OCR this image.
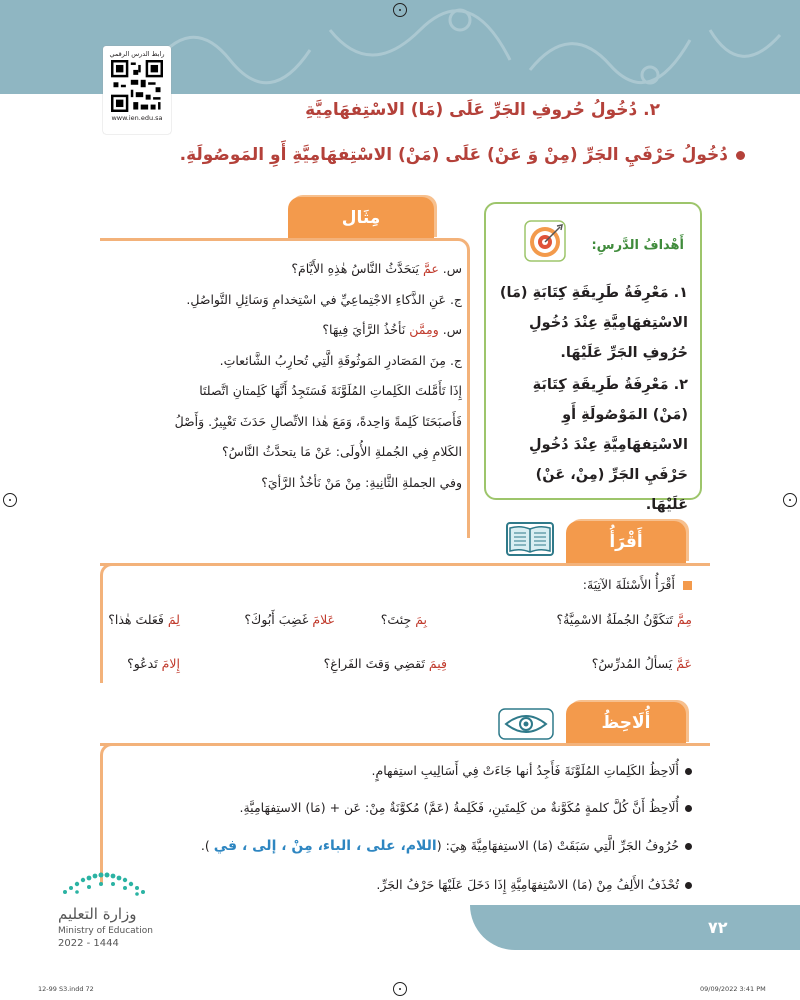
رابط الدرس الرقمي
www.ien.edu.sa	٢. دُخُولُ حُروفِ الجَرِّ عَلَى (مَا) الاسْتِفهَامِيَّةِ
دُخُولُ حَرْفَيِ الجَرِّ (مِنْ وَ عَنْ) عَلَى (مَنْ) الاسْتِفهَامِيَّةِ أَوِ المَوصُولَةِ.
أَهْدافُ الدَّرسِ:
١. مَعْرِفَةُ طَرِيقَةِ كِتَابَةِ (مَا) الاسْتِفهَامِيَّةِ عِنْدَ دُخُولِ حُرُوفِ الجَرِّ عَلَيْهَا.
٢. مَعْرِفَةُ طَرِيقَةِ كِتَابَةِ (مَنْ) المَوْصُولَةِ أَوِ الاسْتِفهَامِيَّةِ عِنْدَ دُخُولِ حَرْفَيِ الجَرِّ (مِنْ، عَنْ) عَلَيْهَا.
مِثَال
س. عمَّ يَتحَدَّثُ النَّاسُ هٰذِهِ الأَيَّامَ؟
ج. عَنِ الذَّكاءِ الاجْتِماعِيِّ في اسْتِخدامِ وَسَائِلِ التَّواصُلِ.
س. ومِمَّن نَأخُذُ الرَّأيَ فِيهَا؟
ج. مِنَ المَصَادرِ المَوثُوقَةِ الَّتِي تُحارِبُ الشَّائعاتِ.
إِذَا تَأَمَّلتَ الكَلِماتِ المُلَوَّنَةَ فَسَتَجِدُ أَنَّهَا كَلِمتانِ اتَّصلتَا
فَأَصبَحَتَا كَلِمةً وَاحِدةً، وَمَعَ هٰذا الاتِّصالِ حَدَثَ تَغْيِيرٌ. وَأَصْلُ
الكَلامِ فِي الجُملةِ الأُولَى: عَنْ مَا يتحدَّثُ النَّاسُ؟
وفي الجملةِ الثَّانِيةِ: مِنْ مَنْ نَأخُذُ الرَّأيَ؟
أَقْرَأُ
أَقْرَأُ الأَسْئلَةَ الآتِيَةَ:
لِمَ فَعَلتَ هٰذا؟	عَلامَ غَضِبَ أَبُوكَ؟	بِمَ جِئتَ؟	مِمَّ تَتكَوَّنُ الجُملَةُ الاسْمِيَّةُ؟
إِلامَ تَدعُو؟	فِيمَ تَقضِي وَقتَ الفَراغِ؟	عَمَّ يَسألُ المُدرِّسُ؟
أُلَاحِظُ
أُلَاحِظُ الكَلِماتِ المُلَوَّنَةَ فَأَجِدُ أنها جَاءَتْ فِي أَسَالِيبِ استِفهامٍ.
أُلَاحِظُ أَنَّ كُلَّ كلمةٍ مُكَوَّنةٌ من كَلِمتَينِ، فَكَلِمةُ (عَمَّ) مُكوَّنَةٌ مِنْ: عَن + (مَا) الاستِفهَامِيَّةِ.
حُرُوفُ الجَرِّ الَّتِي سَبَقَتْ (مَا) الاستِفهَامِيَّةَ هِيَ: (اللام، على ، الباء، مِنْ ، إلى ، في ).
تُحْذَفُ الأَلِفُ مِنْ (مَا) الاسْتِفهَامِيَّةِ إِذَا دَخَلَ عَلَيْهَا حَرْفُ الجَرِّ.
٧٢
وزارة التعليم
Ministry of Education
2022 - 1444
12-99 S3.indd 72	09/09/2022 3:41 PM
